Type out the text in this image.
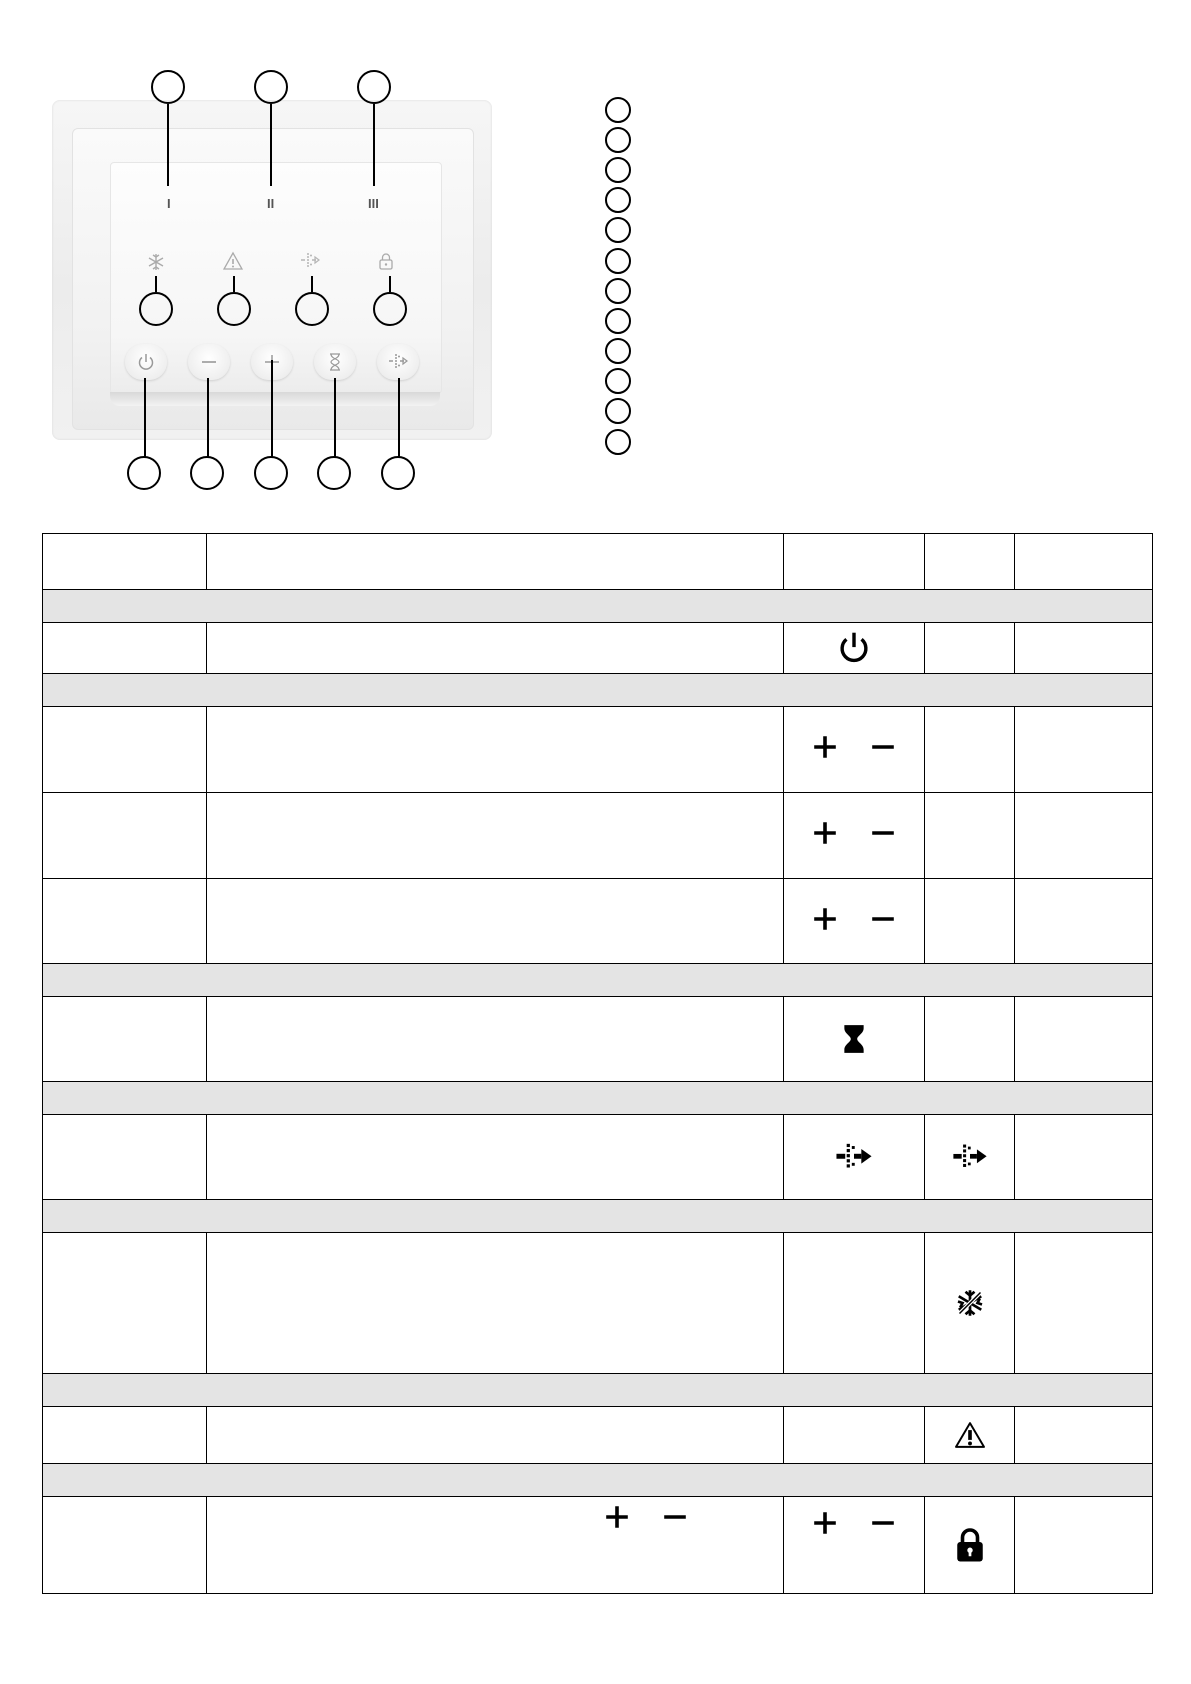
I	II	III
